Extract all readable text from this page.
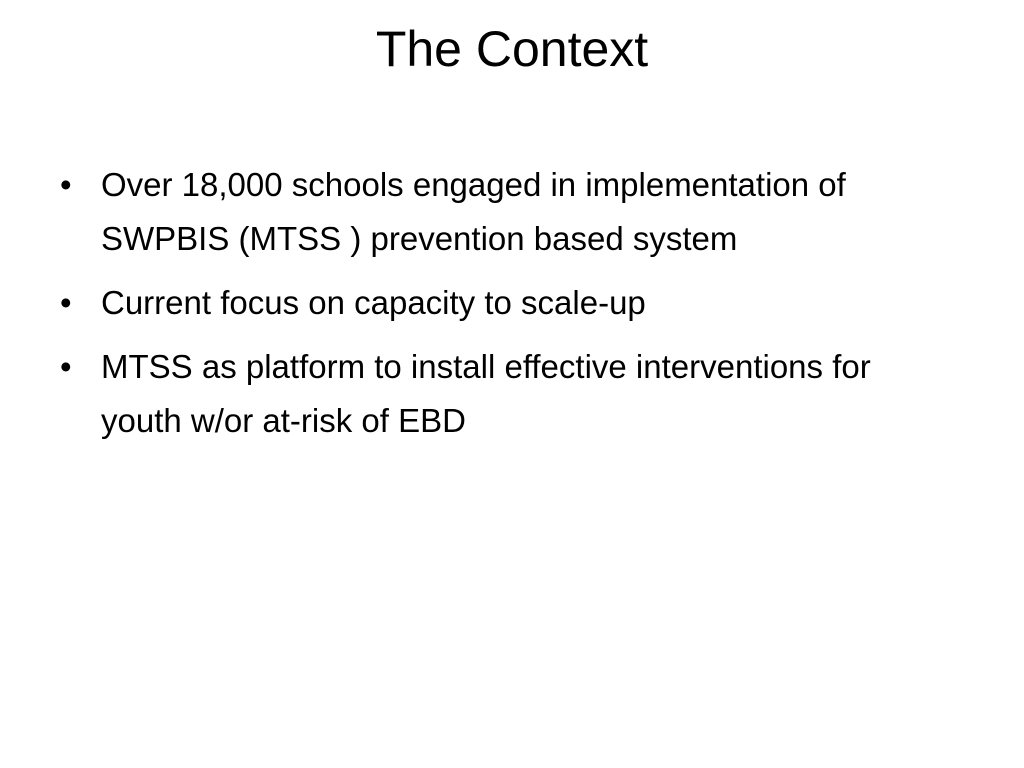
The Context
• Over 18,000 schools engaged in implementation of SWPBIS (MTSS ) prevention based system
• Current focus on capacity to scale-up
• MTSS as platform to install effective interventions for youth w/or at-risk of EBD
